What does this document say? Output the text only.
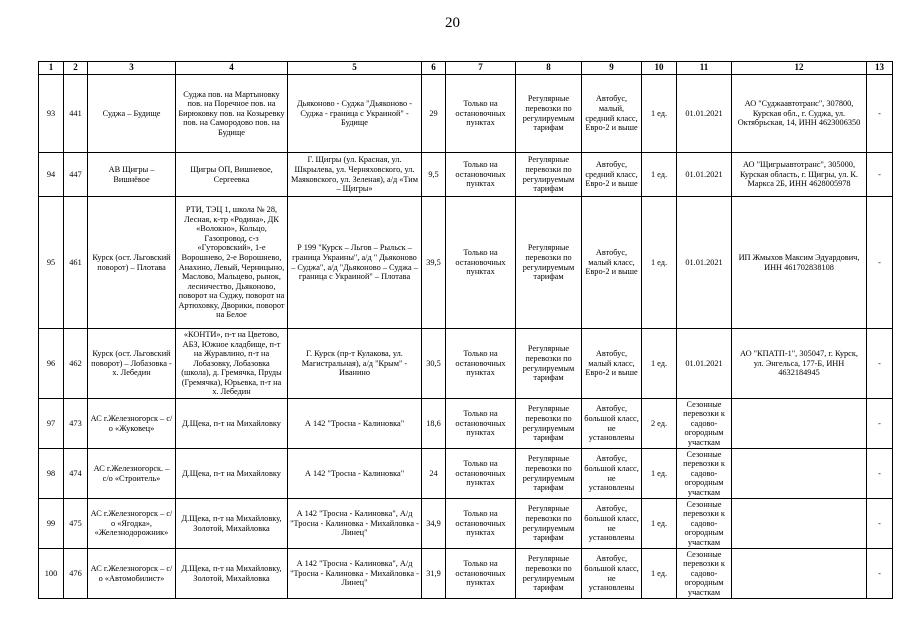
20
1	2	3	4	5	6	7	8	9	10	11	12	13
93	441	Суджа – Будище	Суджа пов. на Мартыновку пов. на Поречное пов. на Бирюковку пов. на Козыревку пов. на Самородово пов. на Будище	Дьяконово - Суджа "Дьяконово - Суджа - граница с Украиной" - Будище	29	Только на остановочных пунктах	Регулярные перевозки по регулируемым тарифам	Автобус, малый, средний класс, Евро-2 и выше	1 ед.	01.01.2021	АО "Суджаавтотранс", 307800, Курская обл., г. Суджа, ул. Октябрьская, 14, ИНН 4623006350	-
94	447	АВ Щигры – Вишнёвое	Щигры ОП, Вишневое, Сергеевка	Г. Щигры (ул. Красная, ул. Шкрылева, ул. Черняховского, ул. Маяковского, ул. Зеленая), а/д «Тим – Щигры»	9,5	Только на остановочных пунктах	Регулярные перевозки по регулируемым тарифам	Автобус, средний класс, Евро-2 и выше	1 ед.	01.01.2021	АО "Щигрыавтотранс", 305000, Курская область, г. Щигры, ул. К. Маркса 2Б, ИНН 4628005978	-
95	461	Курск (ост. Льговский поворот) – Плотава	РТИ, ТЭЦ 1, школа № 28, Лесная, к-тр «Родина», ДК «Волокно», Кольцо, Газопровод, с-з «Гуторовский», 1-е Ворошнево, 2-е Ворошнево, Анахино, Левый, Черницыно, Маслово, Мальцево, рынок, лесничество, Дьяконово, поворот на Суджу, поворот на Артюховку, Дворики, поворот на Белое	Р 199 "Курск – Льгов – Рыльск – граница Украины", а/д " Дьяконово – Суджа", а/д "Дьяконово – Суджа – граница с Украиной" – Плотава	39,5	Только на остановочных пунктах	Регулярные перевозки по регулируемым тарифам	Автобус, малый класс, Евро-2 и выше	1 ед.	01.01.2021	ИП Жмыхов Максим Эдуардович, ИНН 461702838108	-
96	462	Курск (ост. Льговский поворот) – Лобазовка - х. Лебедин	«КОНТИ», п-т на Цветово, АБЗ, Южное кладбище, п-т на Журавлино, п-т на Лобазовку, Лобазовка (школа), д. Гремячка, Пруды (Гремячка), Юрьевка, п-т на х. Лебедин	Г. Курск (пр-т Кулакова, ул. Магистральная), а/д "Крым" - Иванино	30,5	Только на остановочных пунктах	Регулярные перевозки по регулируемым тарифам	Автобус, малый класс, Евро-2 и выше	1 ед.	01.01.2021	АО "КПАТП-1", 305047, г. Курск, ул. Энгельса, 177-Б, ИНН 4632184945	-
97	473	АС г.Железногорск – с/о «Жуковец»	Д.Щека, п-т на Михайловку	А 142 "Тросна - Калиновка"	18,6	Только на остановочных пунктах	Регулярные перевозки по регулируемым тарифам	Автобус, большой класс, не установлены	2 ед.	Сезонные перевозки к садово-огородным участкам		-
98	474	АС г.Железногорск. – с/о «Строитель»	Д.Щека, п-т на Михайловку	А 142 "Тросна - Калиновка"	24	Только на остановочных пунктах	Регулярные перевозки по регулируемым тарифам	Автобус, большой класс, не установлены	1 ед.	Сезонные перевозки к садово-огородным участкам		-
99	475	АС г.Железногорск – с/о «Ягодка», «Железнодорожник»	Д.Щека, п-т на Михайловку, Золотой, Михайловка	А 142 "Тросна - Калиновка", А/д "Тросна - Калиновка - Михайловка - Линец"	34,9	Только на остановочных пунктах	Регулярные перевозки по регулируемым тарифам	Автобус, большой класс, не установлены	1 ед.	Сезонные перевозки к садово-огородным участкам		-
100	476	АС г.Железногорск – с/о «Автомобилист»	Д.Щека, п-т на Михайловку, Золотой, Михайловка	А 142 "Тросна - Калиновка", А/д "Тросна - Калиновка - Михайловка - Линец"	31,9	Только на остановочных пунктах	Регулярные перевозки по регулируемым тарифам	Автобус, большой класс, не установлены	1 ед.	Сезонные перевозки к садово-огородным участкам		-
